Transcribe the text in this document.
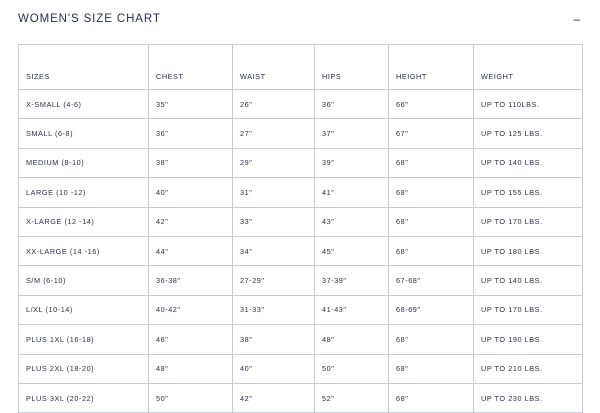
WOMEN'S SIZE CHART	–

SIZES	CHEST	WAIST	HIPS	HEIGHT	WEIGHT
X-SMALL (4-6)	35"	26"	36"	66"	UP TO 110LBS.
SMALL (6-8)	36"	27"	37"	67"	UP TO 125 LBS.
MEDIUM (8-10)	38"	29"	39"	68"	UP TO 140 LBS.
LARGE (10 -12)	40"	31"	41"	68"	UP TO 155 LBS.
X-LARGE (12 -14)	42"	33"	43"	68"	UP TO 170 LBS.
XX-LARGE (14 -16)	44"	34"	45"	68"	UP TO 180 LBS.
S/M (6-10)	36-38"	27-29"	37-39"	67-68"	UP TO 140 LBS.
L/XL (10-14)	40-42"	31-33"	41-43"	68-69"	UP TO 170 LBS.
PLUS 1XL (16-18)	46"	38"	48"	68"	UP TO 190 LBS.
PLUS 2XL (18-20)	48"	40"	50"	68"	UP TO 210 LBS.
PLUS 3XL (20-22)	50"	42"	52"	68"	UP TO 230 LBS.
